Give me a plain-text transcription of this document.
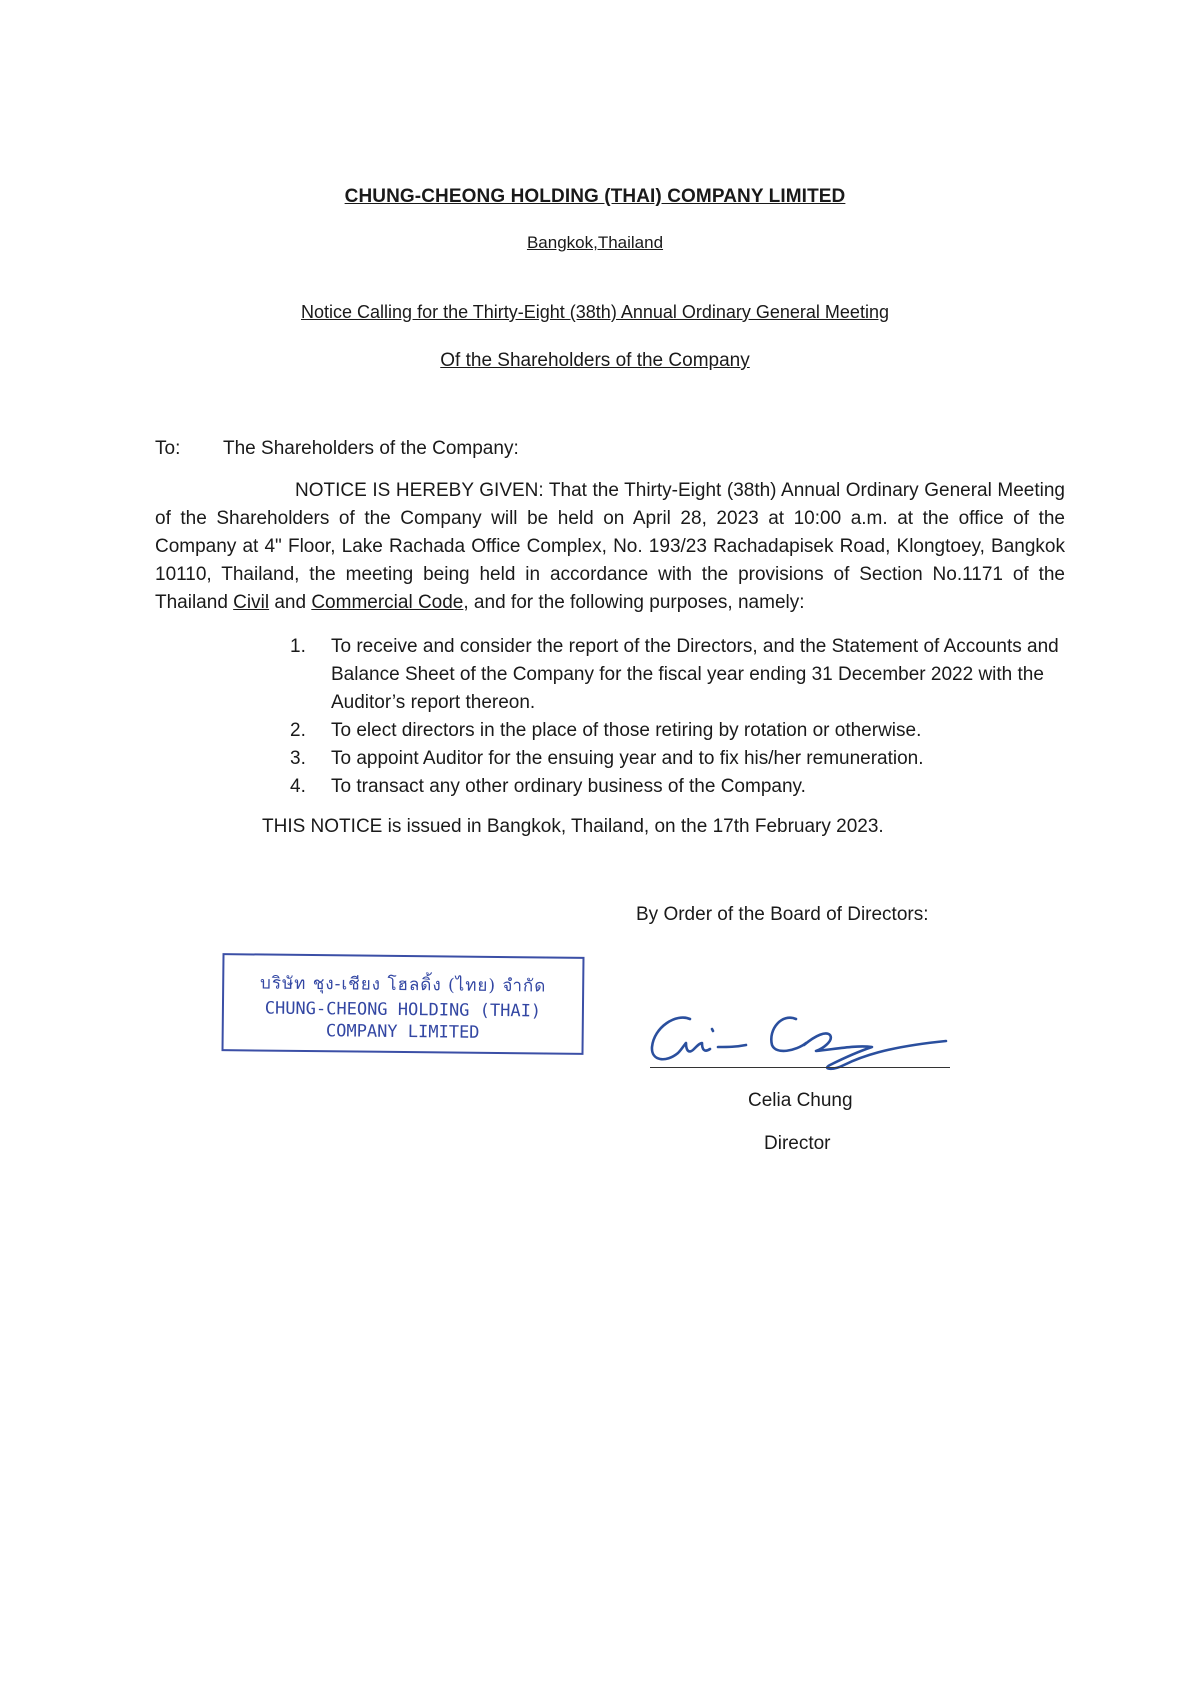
CHUNG-CHEONG HOLDING (THAI) COMPANY LIMITED
Bangkok,Thailand
Notice Calling for the Thirty-Eight (38th) Annual Ordinary General Meeting
Of the Shareholders of the Company
To: The Shareholders of the Company:
NOTICE IS HEREBY GIVEN: That the Thirty-Eight (38th) Annual Ordinary General Meeting of the Shareholders of the Company will be held on April 28, 2023 at 10:00 a.m. at the office of the Company at 4" Floor, Lake Rachada Office Complex, No. 193/23 Rachadapisek Road, Klongtoey, Bangkok 10110, Thailand, the meeting being held in accordance with the provisions of Section No.1171 of the Thailand Civil and Commercial Code, and for the following purposes, namely:
1.	To receive and consider the report of the Directors, and the Statement of Accounts and Balance Sheet of the Company for the fiscal year ending 31 December 2022 with the Auditor’s report thereon.
2.	To elect directors in the place of those retiring by rotation or otherwise.
3.	To appoint Auditor for the ensuing year and to fix his/her remuneration.
4.	To transact any other ordinary business of the Company.
THIS NOTICE is issued in Bangkok, Thailand, on the 17th February 2023.
By Order of the Board of Directors:
บริษัท ชุง-เชียง โฮลดิ้ง (ไทย) จำกัด
CHUNG-CHEONG HOLDING (THAI)
COMPANY LIMITED
Celia Chung
Director
